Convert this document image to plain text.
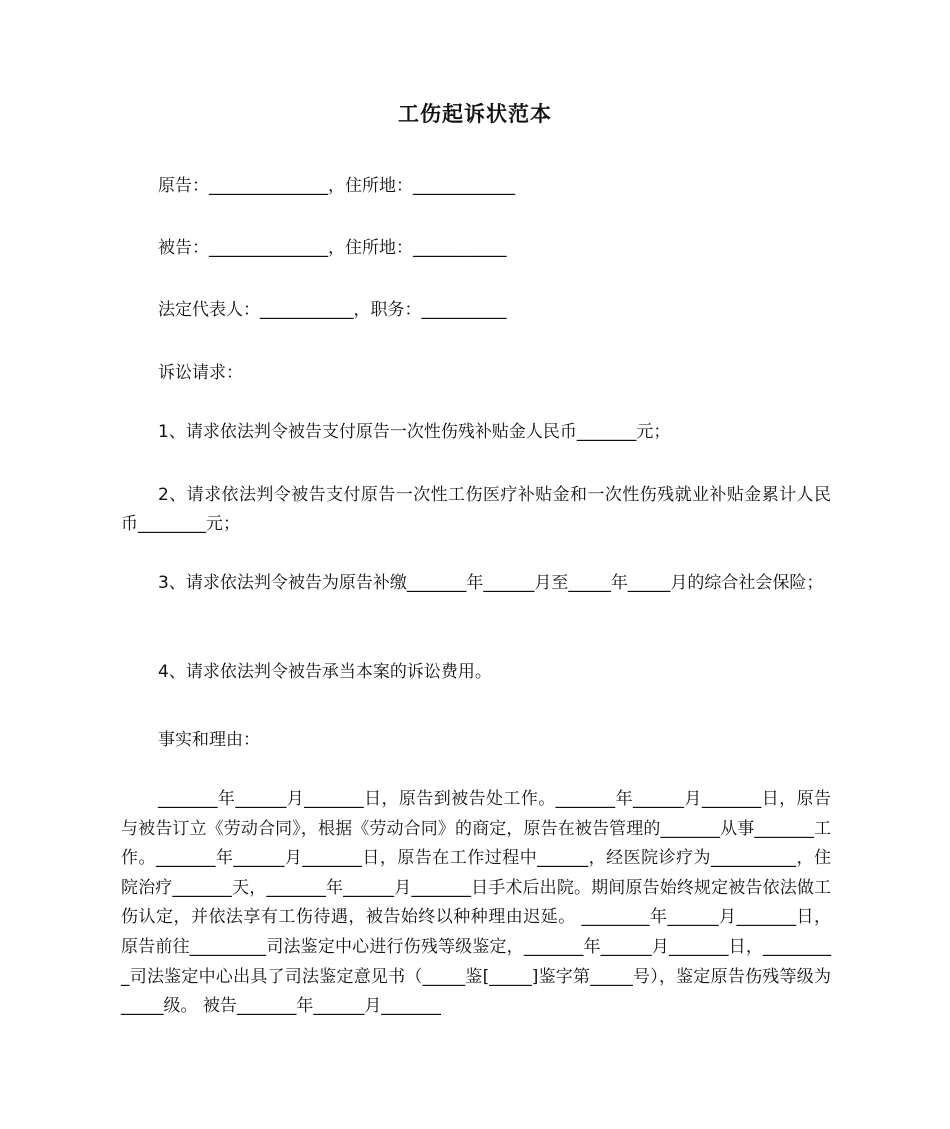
工伤起诉状范本
原告：______________，住所地：____________
被告：______________，住所地：___________
法定代表人：___________，职务：__________
诉讼请求：
1、请求依法判令被告支付原告一次性伤残补贴金人民币_______元；
2、请求依法判令被告支付原告一次性工伤医疗补贴金和一次性伤残就业补贴金累计人民币________元；
3、请求依法判令被告为原告补缴_______年______月至_____年_____月的综合社会保险；
4、请求依法判令被告承当本案的诉讼费用。
事实和理由：
_______年______月_______日，原告到被告处工作。_______年______月_______日，原告与被告订立《劳动合同》，根据《劳动合同》的商定，原告在被告管理的_______从事_______工作。_______年______月_______日，原告在工作过程中______，经医院诊疗为__________，住院治疗_______天，_______年______月_______日手术后出院。期间原告始终规定被告依法做工伤认定，并依法享有工伤待遇，被告始终以种种理由迟延。 ________年______月_______日，原告前往_________司法鉴定中心进行伤残等级鉴定，_______年______月_______日，_________司法鉴定中心出具了司法鉴定意见书（_____鉴[_____]鉴字第_____号），鉴定原告伤残等级为_____级。 被告_______年______月_______
